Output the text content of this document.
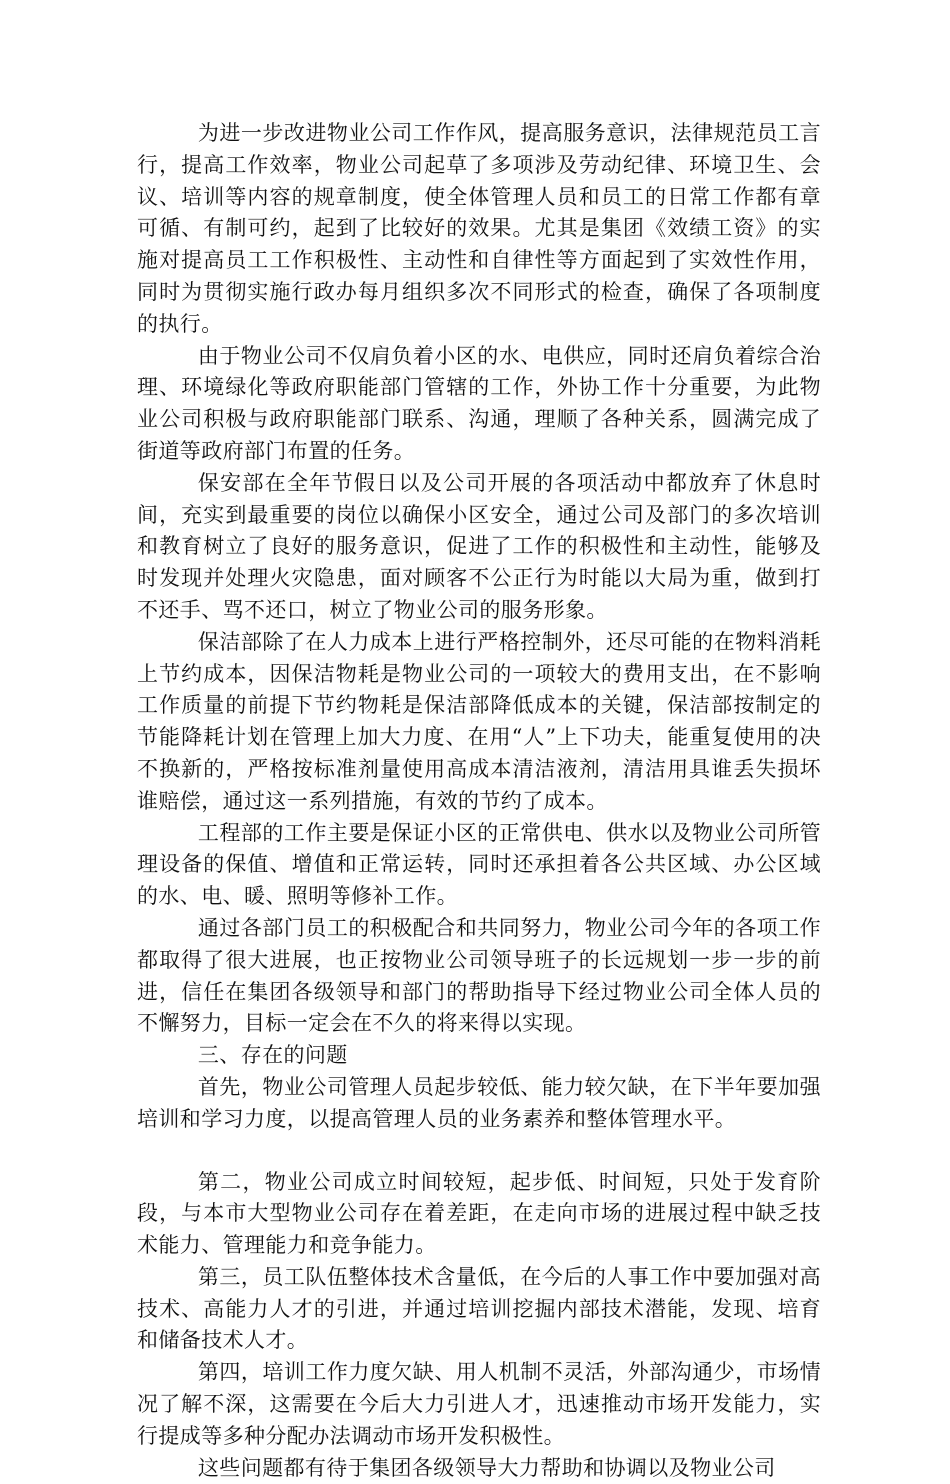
为进一步改进物业公司工作作风，提高服务意识，法律规范员工言行，提高工作效率，物业公司起草了多项涉及劳动纪律、环境卫生、会议、培训等内容的规章制度，使全体管理人员和员工的日常工作都有章可循、有制可约，起到了比较好的效果。尤其是集团《效绩工资》的实施对提高员工工作积极性、主动性和自律性等方面起到了实效性作用，同时为贯彻实施行政办每月组织多次不同形式的检查，确保了各项制度的执行。

由于物业公司不仅肩负着小区的水、电供应，同时还肩负着综合治理、环境绿化等政府职能部门管辖的工作，外协工作十分重要，为此物业公司积极与政府职能部门联系、沟通，理顺了各种关系，圆满完成了街道等政府部门布置的任务。

保安部在全年节假日以及公司开展的各项活动中都放弃了休息时间，充实到最重要的岗位以确保小区安全，通过公司及部门的多次培训和教育树立了良好的服务意识，促进了工作的积极性和主动性，能够及时发现并处理火灾隐患，面对顾客不公正行为时能以大局为重，做到打不还手、骂不还口，树立了物业公司的服务形象。

保洁部除了在人力成本上进行严格控制外，还尽可能的在物料消耗上节约成本，因保洁物耗是物业公司的一项较大的费用支出，在不影响工作质量的前提下节约物耗是保洁部降低成本的关键，保洁部按制定的节能降耗计划在管理上加大力度、在用“人”上下功夫，能重复使用的决不换新的，严格按标准剂量使用高成本清洁液剂，清洁用具谁丢失损坏谁赔偿，通过这一系列措施，有效的节约了成本。

工程部的工作主要是保证小区的正常供电、供水以及物业公司所管理设备的保值、增值和正常运转，同时还承担着各公共区域、办公区域的水、电、暖、照明等修补工作。

通过各部门员工的积极配合和共同努力，物业公司今年的各项工作都取得了很大进展，也正按物业公司领导班子的长远规划一步一步的前进，信任在集团各级领导和部门的帮助指导下经过物业公司全体人员的不懈努力，目标一定会在不久的将来得以实现。

三、存在的问题

首先，物业公司管理人员起步较低、能力较欠缺，在下半年要加强培训和学习力度，以提高管理人员的业务素养和整体管理水平。

第二，物业公司成立时间较短，起步低、时间短，只处于发育阶段，与本市大型物业公司存在着差距，在走向市场的进展过程中缺乏技术能力、管理能力和竞争能力。

第三，员工队伍整体技术含量低，在今后的人事工作中要加强对高技术、高能力人才的引进，并通过培训挖掘内部技术潜能，发现、培育和储备技术人才。

第四，培训工作力度欠缺、用人机制不灵活，外部沟通少，市场情况了解不深，这需要在今后大力引进人才，迅速推动市场开发能力，实行提成等多种分配办法调动市场开发积极性。

这些问题都有待于集团各级领导大力帮助和协调以及物业公司
